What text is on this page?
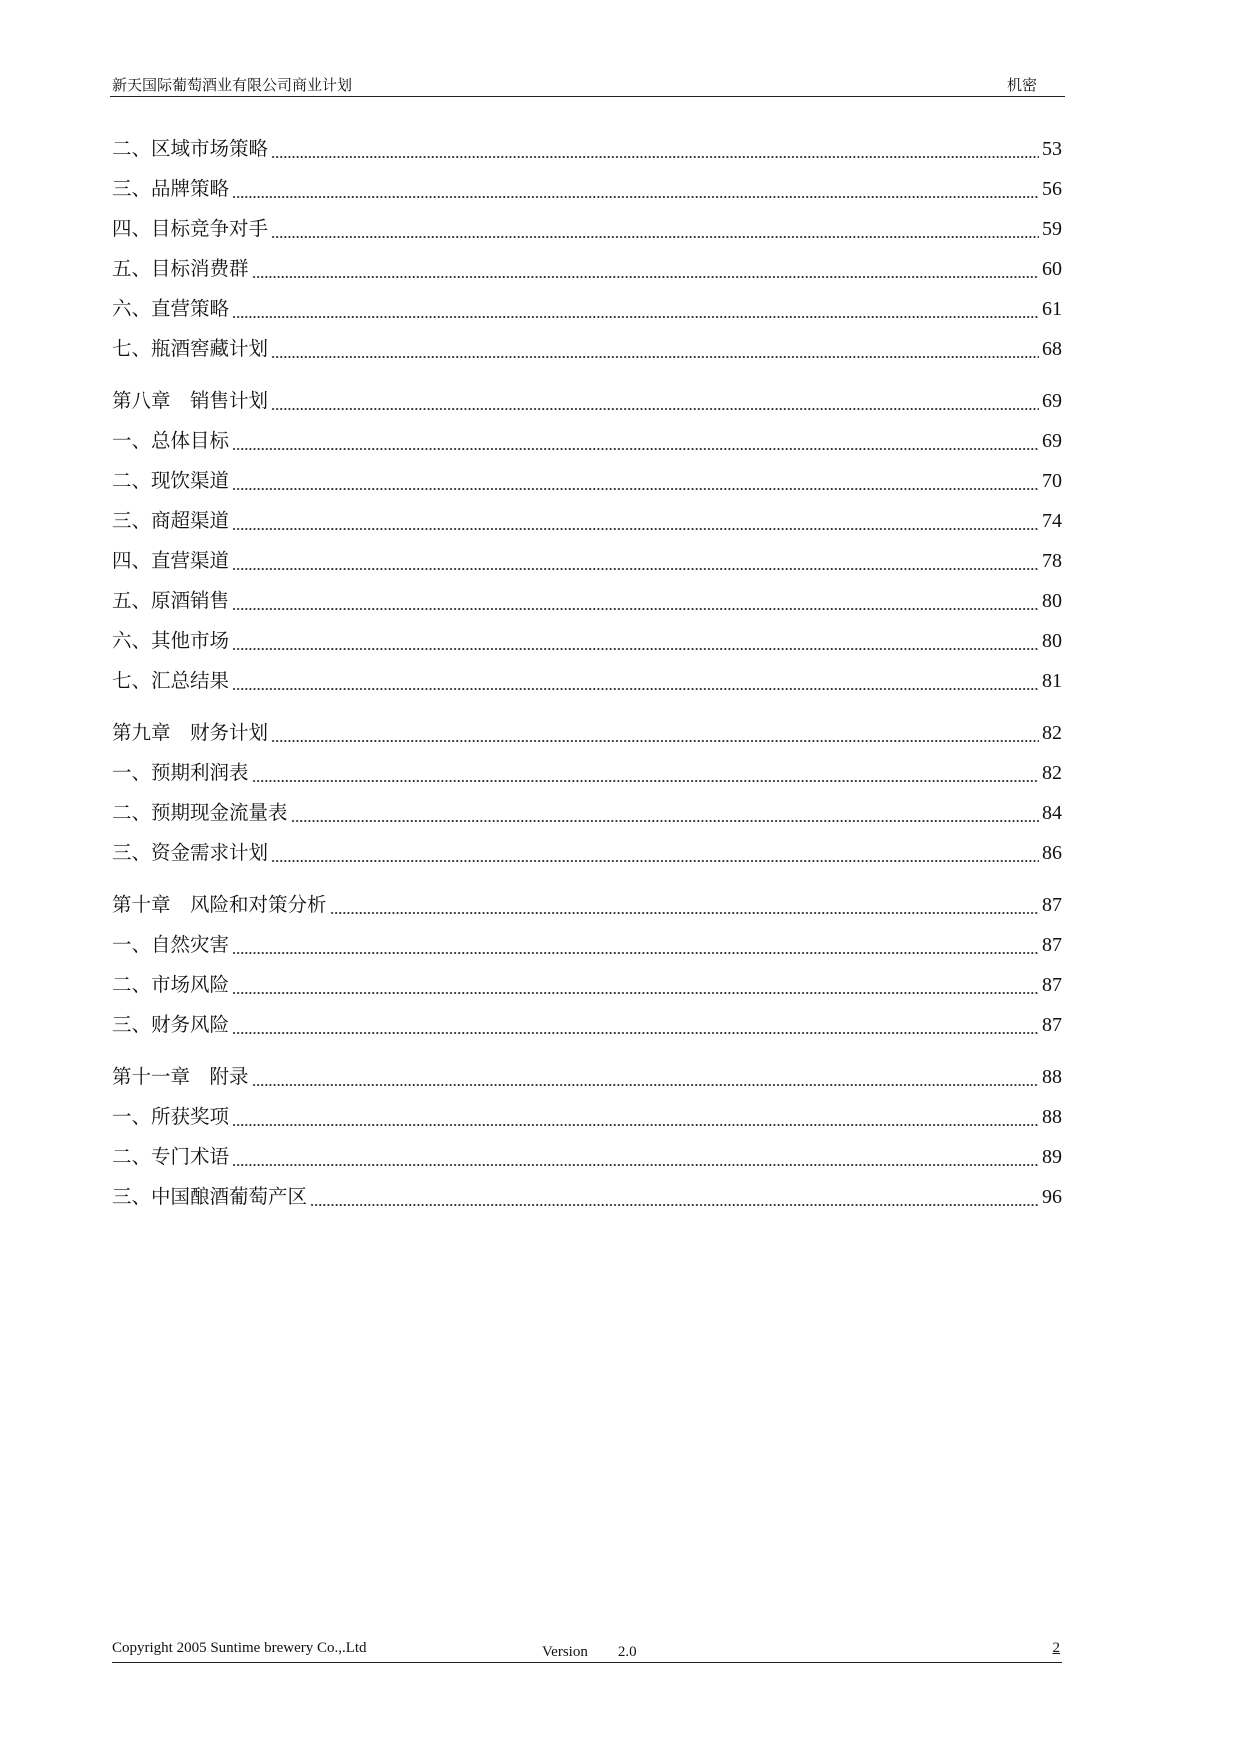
新天国际葡萄酒业有限公司商业计划	机密
二、区域市场策略	53
三、品牌策略	56
四、目标竞争对手	59
五、目标消费群	60
六、直营策略	61
七、瓶酒窖藏计划	68
第八章　销售计划	69
一、总体目标	69
二、现饮渠道	70
三、商超渠道	74
四、直营渠道	78
五、原酒销售	80
六、其他市场	80
七、汇总结果	81
第九章　财务计划	82
一、预期利润表	82
二、预期现金流量表	84
三、资金需求计划	86
第十章　风险和对策分析	87
一、自然灾害	87
二、市场风险	87
三、财务风险	87
第十一章　附录	88
一、所获奖项	88
二、专门术语	89
三、中国酿酒葡萄产区	96
Copyright 2005 Suntime brewery Co.,.Ltd	Version　　2.0	2
